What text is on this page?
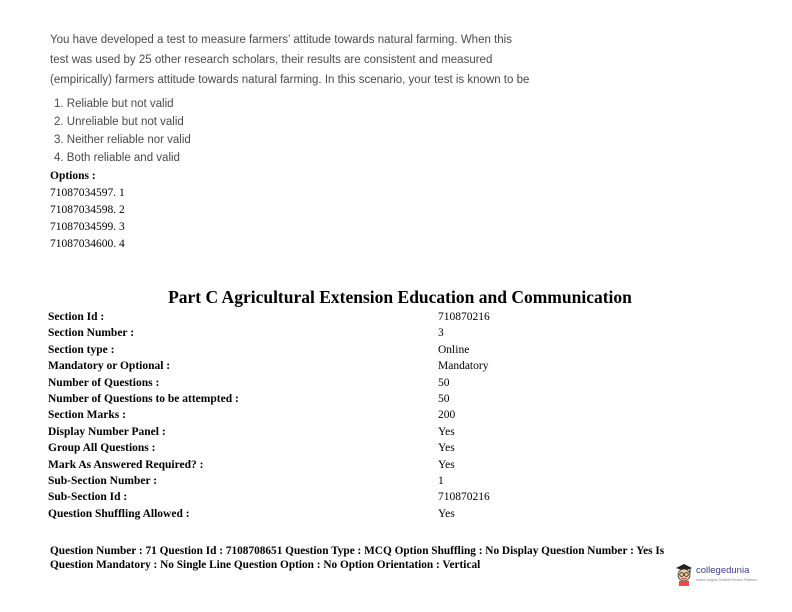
You have developed a test to measure farmers’ attitude towards natural farming. When this

test was used by 25 other research scholars, their results are consistent and measured

(empirically) farmers attitude towards natural farming. In this scenario, your test is known to be

1. Reliable but not valid
2. Unreliable but not valid
3. Neither reliable nor valid
4. Both reliable and valid
Options :
71087034597. 1
71087034598. 2
71087034599. 3
71087034600. 4
Part C Agricultural Extension Education and Communication
Section Id :	710870216
Section Number :	3
Section type :	Online
Mandatory or Optional :	Mandatory
Number of Questions :	50
Number of Questions to be attempted :	50
Section Marks :	200
Display Number Panel :	Yes
Group All Questions :	Yes
Mark As Answered Required? :	Yes
Sub-Section Number :	1
Sub-Section Id :	710870216
Question Shuffling Allowed :	Yes
Question Number : 71 Question Id : 7108708651 Question Type : MCQ Option Shuffling : No Display Question Number : Yes Is
Question Mandatory : No Single Line Question Option : No Option Orientation : Vertical	collegedunia
India's largest Student Review Platform
